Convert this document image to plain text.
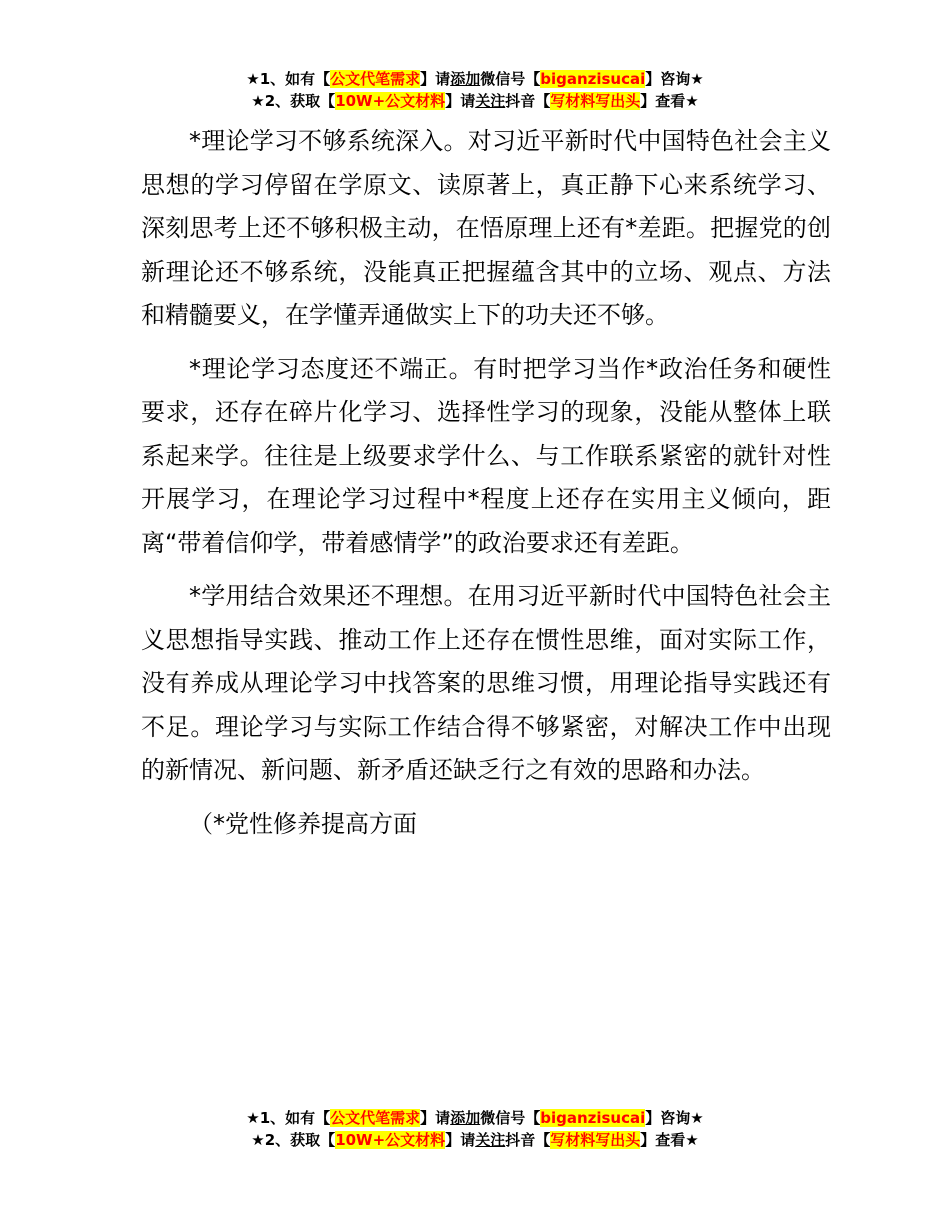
★1、如有【公文代笔需求】请添加微信号【biganzisucai】咨询★
★2、获取【10W+公文材料】请关注抖音【写材料写出头】查看★

*理论学习不够系统深入。对习近平新时代中国特色社会主义思想的学习停留在学原文、读原著上，真正静下心来系统学习、深刻思考上还不够积极主动，在悟原理上还有*差距。把握党的创新理论还不够系统，没能真正把握蕴含其中的立场、观点、方法和精髓要义，在学懂弄通做实上下的功夫还不够。

*理论学习态度还不端正。有时把学习当作*政治任务和硬性要求，还存在碎片化学习、选择性学习的现象，没能从整体上联系起来学。往往是上级要求学什么、与工作联系紧密的就针对性开展学习，在理论学习过程中*程度上还存在实用主义倾向，距离“带着信仰学，带着感情学”的政治要求还有差距。

*学用结合效果还不理想。在用习近平新时代中国特色社会主义思想指导实践、推动工作上还存在惯性思维，面对实际工作，没有养成从理论学习中找答案的思维习惯，用理论指导实践还有不足。理论学习与实际工作结合得不够紧密，对解决工作中出现的新情况、新问题、新矛盾还缺乏行之有效的思路和办法。

（*党性修养提高方面

★1、如有【公文代笔需求】请添加微信号【biganzisucai】咨询★
★2、获取【10W+公文材料】请关注抖音【写材料写出头】查看★
